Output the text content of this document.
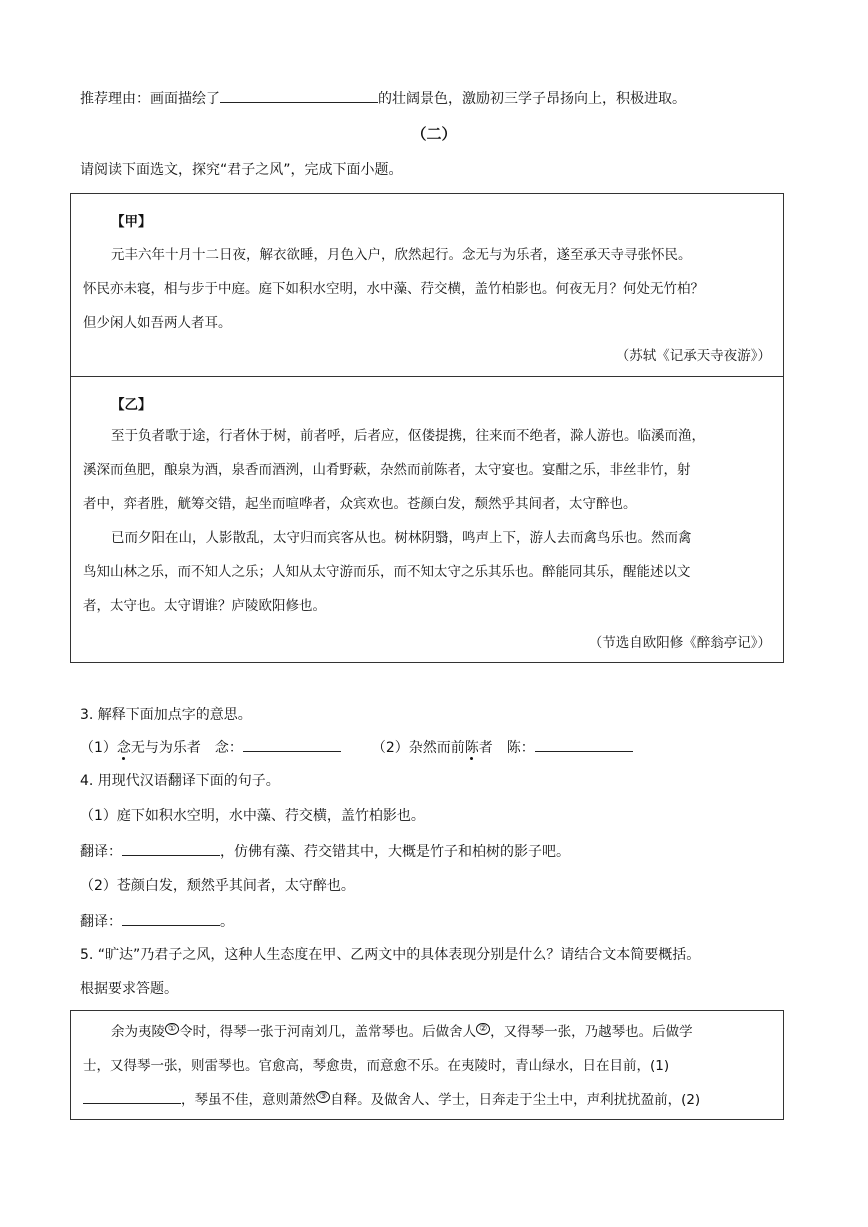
推荐理由：画面描绘了	的壮阔景色，激励初三学子昂扬向上，积极进取。
（二）
请阅读下面选文，探究“君子之风”，完成下面小题。
【甲】
元丰六年十月十二日夜，解衣欲睡，月色入户，欣然起行。念无与为乐者，遂至承天寺寻张怀民。
怀民亦未寝，相与步于中庭。庭下如积水空明，水中藻、荇交横，盖竹柏影也。何夜无月？何处无竹柏？
但少闲人如吾两人者耳。
（苏轼《记承天寺夜游》）
【乙】
至于负者歌于途，行者休于树，前者呼，后者应，伛偻提携，往来而不绝者，滁人游也。临溪而渔，
溪深而鱼肥，酿泉为酒，泉香而酒洌，山肴野蔌，杂然而前陈者，太守宴也。宴酣之乐，非丝非竹，射
者中，弈者胜，觥筹交错，起坐而喧哗者，众宾欢也。苍颜白发，颓然乎其间者，太守醉也。
已而夕阳在山，人影散乱，太守归而宾客从也。树林阴翳，鸣声上下，游人去而禽鸟乐也。然而禽
鸟知山林之乐，而不知人之乐；人知从太守游而乐，而不知太守之乐其乐也。醉能同其乐，醒能述以文
者，太守也。太守谓谁？庐陵欧阳修也。
（节选自欧阳修《醉翁亭记》）
3. 解释下面加点字的意思。
（1）念无与为乐者　念：	（2）杂然而前陈者　陈：
4. 用现代汉语翻译下面的句子。
（1）庭下如积水空明，水中藻、荇交横，盖竹柏影也。
翻译：	，仿佛有藻、荇交错其中，大概是竹子和柏树的影子吧。
（2）苍颜白发，颓然乎其间者，太守醉也。
翻译：	。
5. “旷达”乃君子之风，这种人生态度在甲、乙两文中的具体表现分别是什么？请结合文本简要概括。
根据要求答题。
余为夷陵 ① 令时，得琴一张于河南刘几，盖常琴也。后做舍人 ② ，又得琴一张，乃越琴也。后做学
士，又得琴一张，则雷琴也。官愈高，琴愈贵，而意愈不乐。在夷陵时，青山绿水，日在目前，(1)
，琴虽不佳，意则萧然 ③ 自释。及做舍人、学士，日奔走于尘土中，声利扰扰盈前，(2)
